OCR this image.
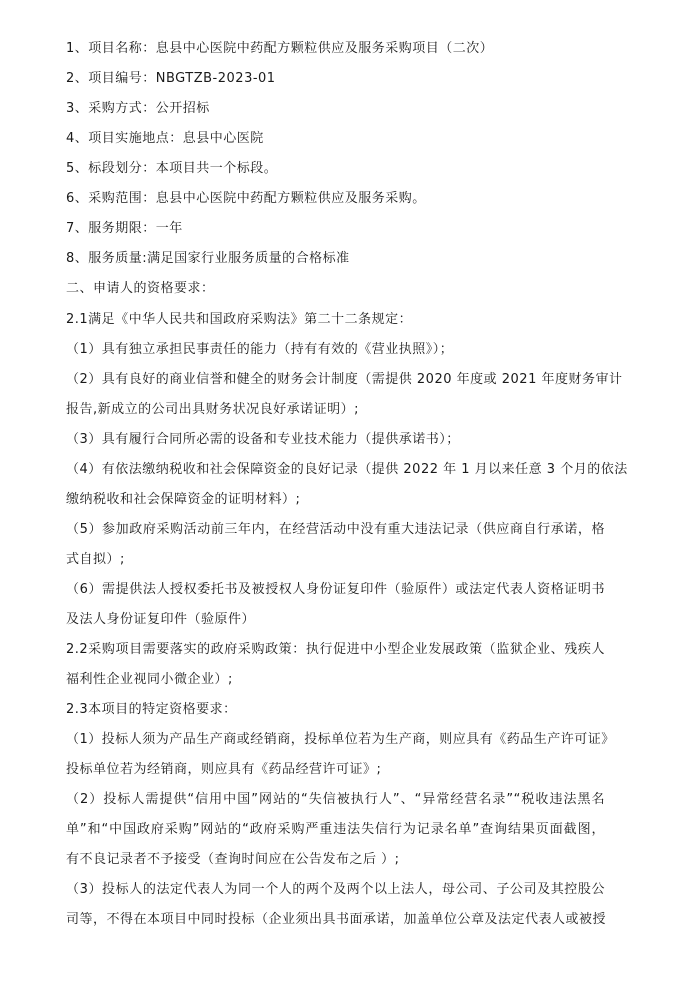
1、项目名称：息县中心医院中药配方颗粒供应及服务采购项目（二次）
2、项目编号：NBGTZB-2023-01
3、采购方式：公开招标
4、项目实施地点：息县中心医院
5、标段划分：本项目共一个标段。
6、采购范围：息县中心医院中药配方颗粒供应及服务采购。
7、服务期限：一年
8、服务质量:满足国家行业服务质量的合格标准
二、申请人的资格要求：
2.1满足《中华人民共和国政府采购法》第二十二条规定：
（1）具有独立承担民事责任的能力（持有有效的《营业执照》）；
（2）具有良好的商业信誉和健全的财务会计制度（需提供 2020 年度或 2021 年度财务审计
报告,新成立的公司出具财务状况良好承诺证明）;
（3）具有履行合同所必需的设备和专业技术能力（提供承诺书）；
（4）有依法缴纳税收和社会保障资金的良好记录（提供 2022 年 1 月以来任意 3 个月的依法
缴纳税收和社会保障资金的证明材料）;
（5）参加政府采购活动前三年内，在经营活动中没有重大违法记录（供应商自行承诺，格
式自拟）;
（6）需提供法人授权委托书及被授权人身份证复印件（验原件）或法定代表人资格证明书
及法人身份证复印件（验原件）
2.2采购项目需要落实的政府采购政策：执行促进中小型企业发展政策（监狱企业、残疾人
福利性企业视同小微企业）;
2.3本项目的特定资格要求：
（1）投标人须为产品生产商或经销商，投标单位若为生产商，则应具有《药品生产许可证》
投标单位若为经销商，则应具有《药品经营许可证》;
（2）投标人需提供“信用中国”网站的“失信被执行人”、“异常经营名录”“税收违法黑名
单”和“中国政府采购”网站的“政府采购严重违法失信行为记录名单”查询结果页面截图，
有不良记录者不予接受（查询时间应在公告发布之后 ）;
（3）投标人的法定代表人为同一个人的两个及两个以上法人，母公司、子公司及其控股公
司等，不得在本项目中同时投标（企业须出具书面承诺，加盖单位公章及法定代表人或被授
